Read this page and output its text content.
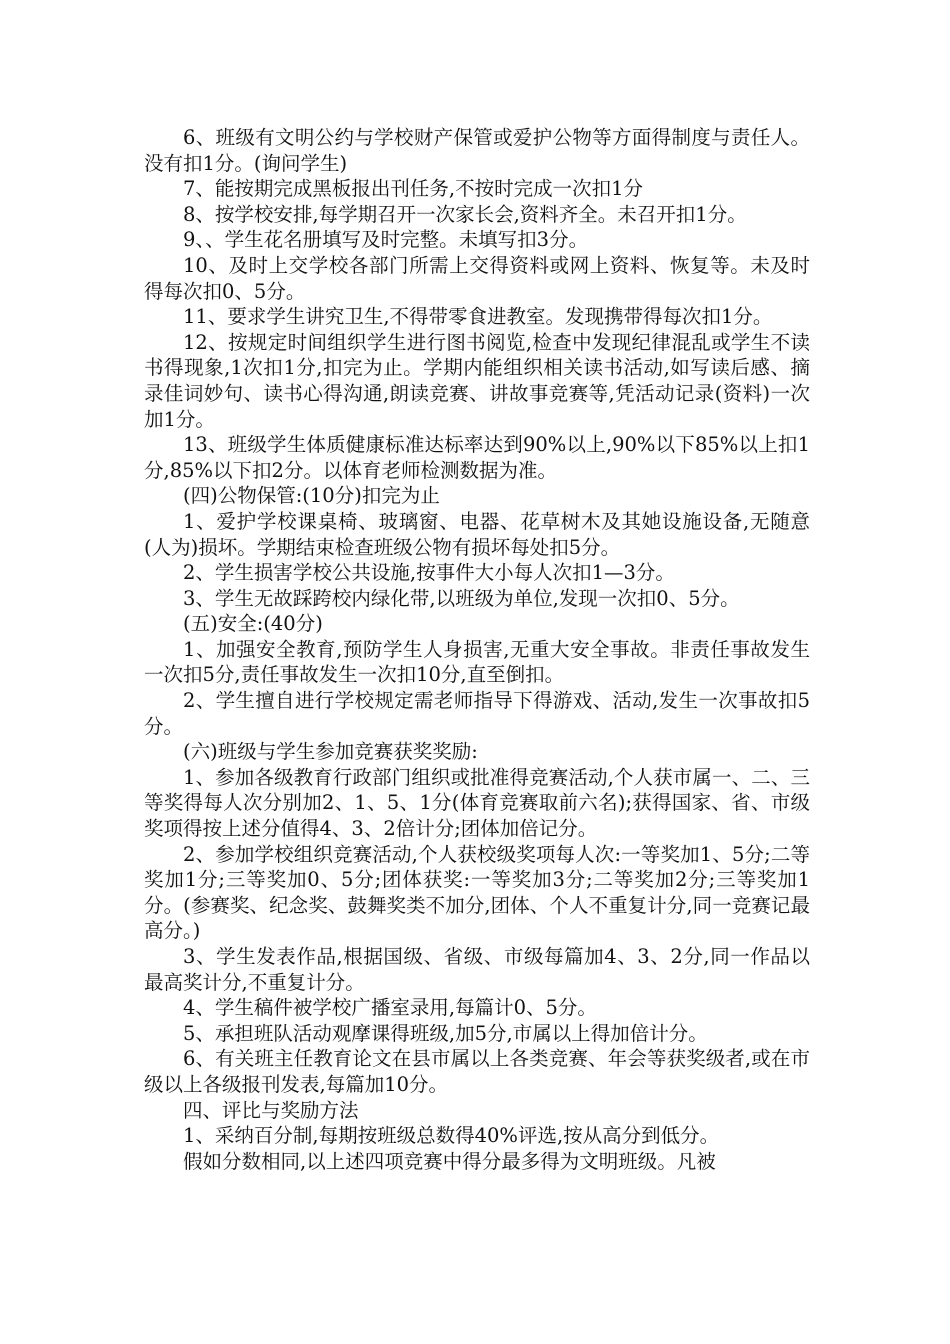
6、班级有文明公约与学校财产保管或爱护公物等方面得制度与责任人。没有扣1分。(询问学生)

7、能按期完成黑板报出刊任务,不按时完成一次扣1分

8、按学校安排,每学期召开一次家长会,资料齐全。未召开扣1分。

9、、学生花名册填写及时完整。未填写扣3分。

10、及时上交学校各部门所需上交得资料或网上资料、恢复等。未及时得每次扣0、5分。

11、要求学生讲究卫生,不得带零食进教室。发现携带得每次扣1分。

12、按规定时间组织学生进行图书阅览,检查中发现纪律混乱或学生不读书得现象,1次扣1分,扣完为止。学期内能组织相关读书活动,如写读后感、摘录佳词妙句、读书心得沟通,朗读竞赛、讲故事竞赛等,凭活动记录(资料)一次加1分。

13、班级学生体质健康标准达标率达到90%以上,90%以下85%以上扣1分,85%以下扣2分。以体育老师检测数据为准。

(四)公物保管:(10分)扣完为止

1、爱护学校课桌椅、玻璃窗、电器、花草树木及其她设施设备,无随意(人为)损坏。学期结束检查班级公物有损坏每处扣5分。

2、学生损害学校公共设施,按事件大小每人次扣1—3分。

3、学生无故踩跨校内绿化带,以班级为单位,发现一次扣0、5分。

(五)安全:(40分)

1、加强安全教育,预防学生人身损害,无重大安全事故。非责任事故发生一次扣5分,责任事故发生一次扣10分,直至倒扣。

2、学生擅自进行学校规定需老师指导下得游戏、活动,发生一次事故扣5分。

(六)班级与学生参加竞赛获奖奖励:

1、参加各级教育行政部门组织或批准得竞赛活动,个人获市属一、二、三等奖得每人次分别加2、1、5、1分(体育竞赛取前六名);获得国家、省、市级奖项得按上述分值得4、3、2倍计分;团体加倍记分。

2、参加学校组织竞赛活动,个人获校级奖项每人次:一等奖加1、5分;二等奖加1分;三等奖加0、5分;团体获奖:一等奖加3分;二等奖加2分;三等奖加1分。(参赛奖、纪念奖、鼓舞奖类不加分,团体、个人不重复计分,同一竞赛记最高分。)

3、学生发表作品,根据国级、省级、市级每篇加4、3、2分,同一作品以最高奖计分,不重复计分。

4、学生稿件被学校广播室录用,每篇计0、5分。

5、承担班队活动观摩课得班级,加5分,市属以上得加倍计分。

6、有关班主任教育论文在县市属以上各类竞赛、年会等获奖级者,或在市级以上各级报刊发表,每篇加10分。

四、评比与奖励方法

1、采纳百分制,每期按班级总数得40%评选,按从高分到低分。

假如分数相同,以上述四项竞赛中得分最多得为文明班级。凡被
